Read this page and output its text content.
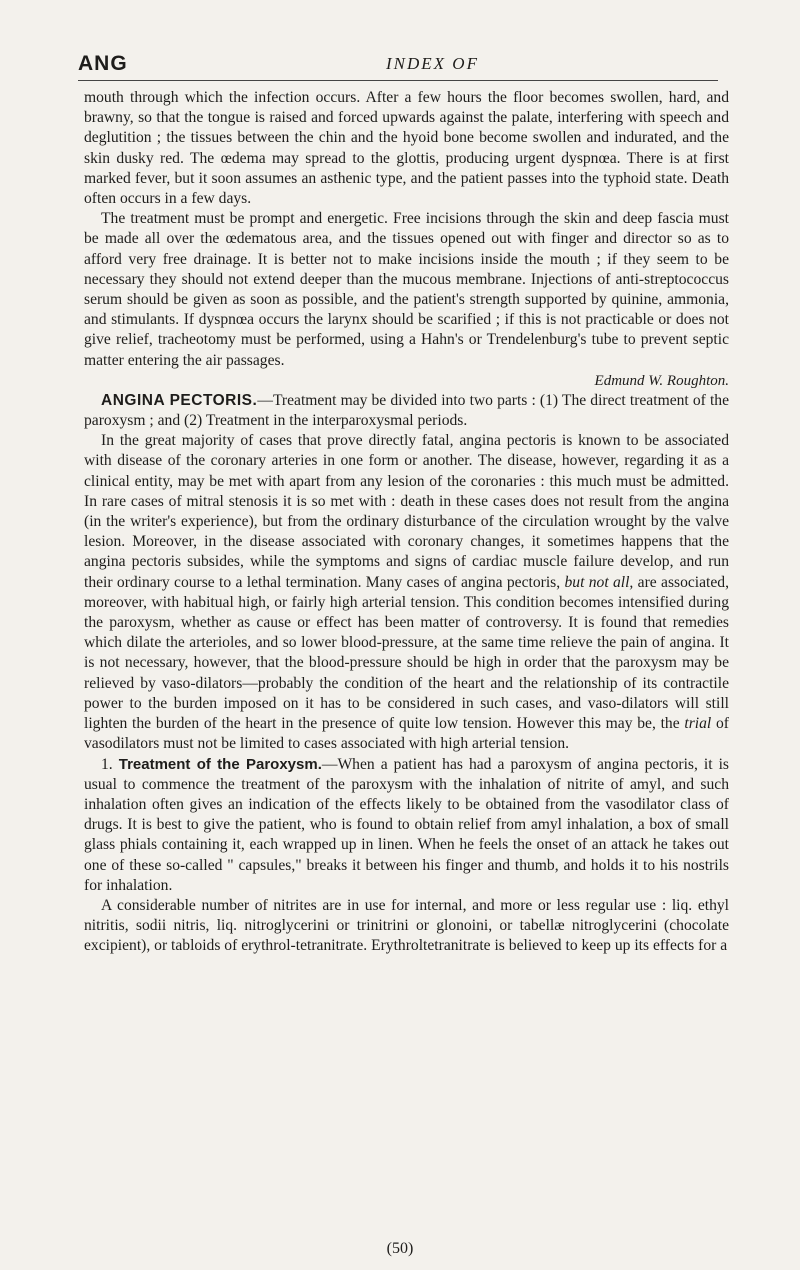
ANG	INDEX OF

mouth through which the infection occurs. After a few hours the floor becomes swollen, hard, and brawny, so that the tongue is raised and forced upwards against the palate, interfering with speech and deglutition ; the tissues between the chin and the hyoid bone become swollen and indurated, and the skin dusky red. The œdema may spread to the glottis, producing urgent dyspnœa. There is at first marked fever, but it soon assumes an asthenic type, and the patient passes into the typhoid state. Death often occurs in a few days.

The treatment must be prompt and energetic. Free incisions through the skin and deep fascia must be made all over the œdematous area, and the tissues opened out with finger and director so as to afford very free drainage. It is better not to make incisions inside the mouth ; if they seem to be necessary they should not extend deeper than the mucous membrane. Injections of anti-streptococcus serum should be given as soon as possible, and the patient's strength supported by quinine, ammonia, and stimulants. If dyspnœa occurs the larynx should be scarified ; if this is not practicable or does not give relief, tracheotomy must be performed, using a Hahn's or Trendelenburg's tube to prevent septic matter entering the air passages.

Edmund W. Roughton.

ANGINA PECTORIS.—Treatment may be divided into two parts : (1) The direct treatment of the paroxysm ; and (2) Treatment in the interparoxysmal periods.

In the great majority of cases that prove directly fatal, angina pectoris is known to be associated with disease of the coronary arteries in one form or another. The disease, however, regarding it as a clinical entity, may be met with apart from any lesion of the coronaries : this much must be admitted. In rare cases of mitral stenosis it is so met with : death in these cases does not result from the angina (in the writer's experience), but from the ordinary disturbance of the circulation wrought by the valve lesion. Moreover, in the disease associated with coronary changes, it sometimes happens that the angina pectoris subsides, while the symptoms and signs of cardiac muscle failure develop, and run their ordinary course to a lethal termination. Many cases of angina pectoris, but not all, are associated, moreover, with habitual high, or fairly high arterial tension. This condition becomes intensified during the paroxysm, whether as cause or effect has been matter of controversy. It is found that remedies which dilate the arterioles, and so lower blood-pressure, at the same time relieve the pain of angina. It is not necessary, however, that the blood-pressure should be high in order that the paroxysm may be relieved by vaso-dilators—probably the condition of the heart and the relationship of its contractile power to the burden imposed on it has to be considered in such cases, and vaso-dilators will still lighten the burden of the heart in the presence of quite low tension. However this may be, the trial of vasodilators must not be limited to cases associated with high arterial tension.

1. Treatment of the Paroxysm.—When a patient has had a paroxysm of angina pectoris, it is usual to commence the treatment of the paroxysm with the inhalation of nitrite of amyl, and such inhalation often gives an indication of the effects likely to be obtained from the vasodilator class of drugs. It is best to give the patient, who is found to obtain relief from amyl inhalation, a box of small glass phials containing it, each wrapped up in linen. When he feels the onset of an attack he takes out one of these so-called " capsules," breaks it between his finger and thumb, and holds it to his nostrils for inhalation.

A considerable number of nitrites are in use for internal, and more or less regular use : liq. ethyl nitritis, sodii nitris, liq. nitroglycerini or trinitrini or glonoini, or tabellæ nitroglycerini (chocolate excipient), or tabloids of erythrol-tetranitrate. Erythroltetranitrate is believed to keep up its effects for a

(50)
